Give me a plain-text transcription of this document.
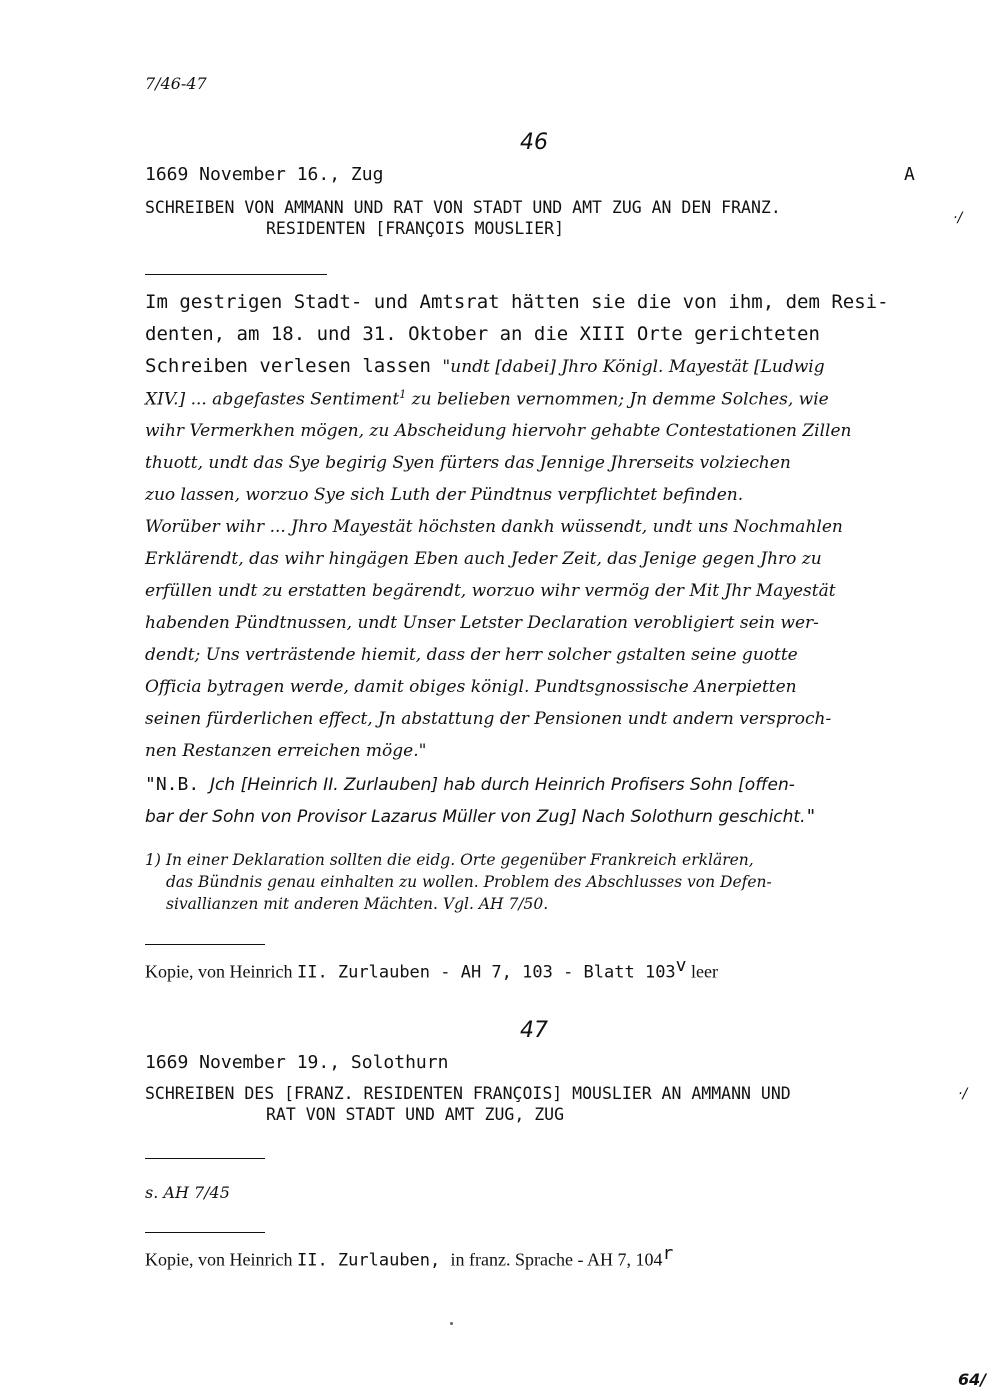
7/46-47
46
1669 November 16., Zug	A
SCHREIBEN VON AMMANN UND RAT VON STADT UND AMT ZUG AN DEN FRANZ.
RESIDENTEN [FRANÇOIS MOUSLIER]
·/
Im gestrigen Stadt- und Amtsrat hätten sie die von ihm, dem Resi-
denten, am 18. und 31. Oktober an die XIII Orte gerichteten
Schreiben verlesen lassen "undt [dabei] Jhro Königl. Mayestät [Ludwig
XIV.] ... abgefastes Sentiment$^1$ zu belieben vernommen; Jn demme Solches, wie
wihr Vermerkhen mögen, zu Abscheidung hiervohr gehabte Contestationen Zillen
thuott, undt das Sye begirig Syen fürters das Jennige Jhrerseits volziechen
zuo lassen, worzuo Sye sich Luth der Pündtnus verpflichtet befinden.
Worüber wihr ... Jhro Mayestät höchsten dankh wüssendt, undt uns Nochmahlen
Erklärendt, das wihr hingägen Eben auch Jeder Zeit, das Jenige gegen Jhro zu
erfüllen undt zu erstatten begärendt, worzuo wihr vermög der Mit Jhr Mayestät
habenden Pündtnussen, undt Unser Letster Declaration verobligiert sein wer-
dendt; Uns verträstende hiemit, dass der herr solcher gstalten seine guotte
Officia bytragen werde, damit obiges königl. Pundtsgnossische Anerpietten
seinen fürderlichen effect, Jn abstattung der Pensionen undt andern versproch-
nen Restanzen erreichen möge."
"N.B. Jch [Heinrich II. Zurlauben] hab durch Heinrich Profisers Sohn [offen-
bar der Sohn von Provisor Lazarus Müller von Zug] Nach Solothurn geschicht."
1) In einer Deklaration sollten die eidg. Orte gegenüber Frankreich erklären,
das Bündnis genau einhalten zu wollen. Problem des Abschlusses von Defen-
sivallianzen mit anderen Mächten. Vgl. AH 7/50.
Kopie, von Heinrich II. Zurlauben - AH 7, 103 - Blatt 103$^v$ leer
47
1669 November 19., Solothurn
SCHREIBEN DES [FRANZ. RESIDENTEN FRANÇOIS] MOUSLIER AN AMMANN UND
RAT VON STADT UND AMT ZUG, ZUG
·/
s. AH 7/45
Kopie, von Heinrich II. Zurlauben, in franz. Sprache - AH 7, 104$^r$
64/
